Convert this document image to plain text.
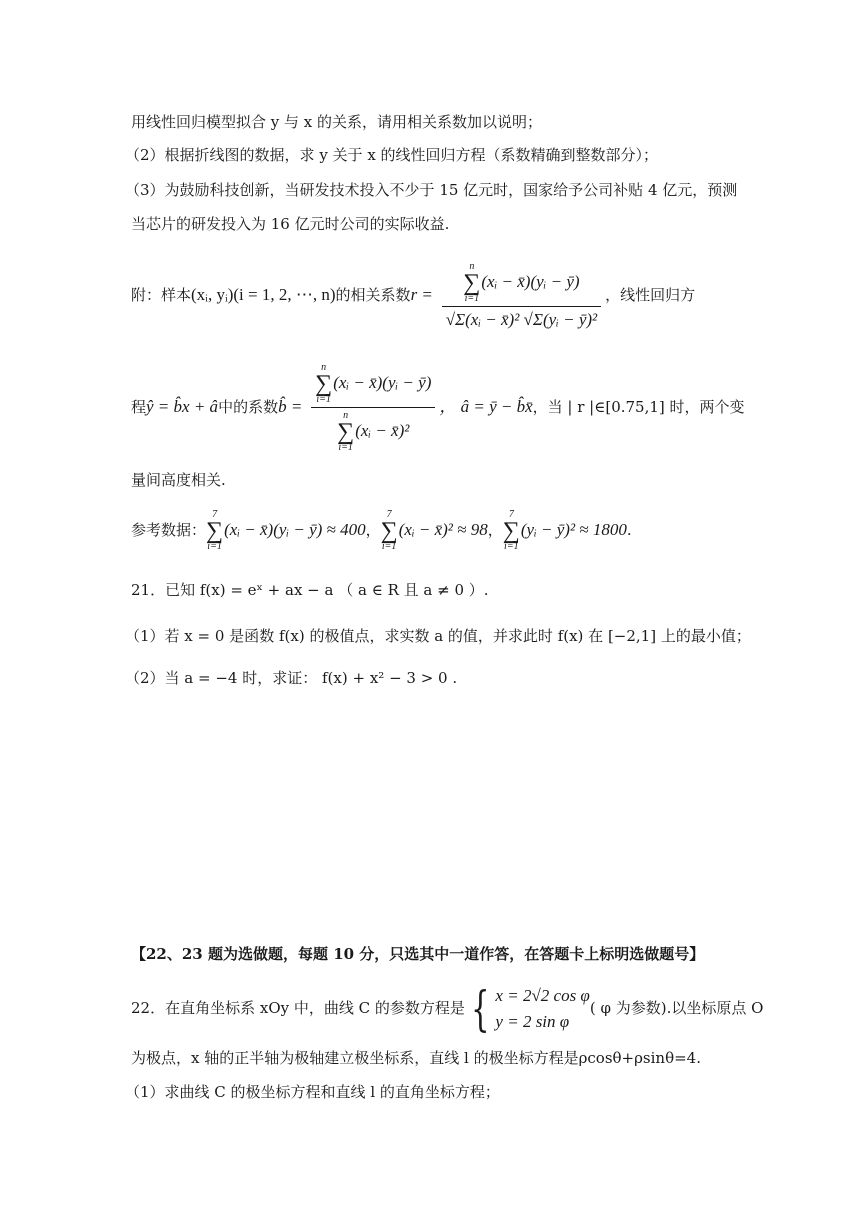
用线性回归模型拟合 y 与 x 的关系，请用相关系数加以说明；
（2）根据折线图的数据，求 y 关于 x 的线性回归方程（系数精确到整数部分）；
（3）为鼓励科技创新，当研发技术投入不少于 15 亿元时，国家给予公司补贴 4 亿元，预测
当芯片的研发投入为 16 亿元时公司的实际收益.
附：样本(xᵢ, yᵢ)(i = 1, 2, ⋯, n)的相关系数r = n
∑
i=1
(xᵢ − x̄)(yᵢ − ȳ)
√Σ(xᵢ − x̄)² √Σ(yᵢ − ȳ)² ，线性回归方
程ŷ = b̂x + â中的系数b̂ = n
∑
i=1
(xᵢ − x̄)(yᵢ − ȳ)
n
∑
i=1
(xᵢ − x̄)² ， â = ȳ − b̂x̄，当 | r |∈[0.75,1] 时，两个变
量间高度相关.
参考数据：
7
∑
i=1
(xᵢ − x̄)(yᵢ − ȳ) ≈ 400，
7
∑
i=1
(xᵢ − x̄)² ≈ 98，
7
∑
i=1
(yᵢ − ȳ)² ≈ 1800.
21．已知 f(x) = eˣ + ax − a （ a ∈ R 且 a ≠ 0 ）.
（1）若 x = 0 是函数 f(x) 的极值点，求实数 a 的值，并求此时 f(x) 在 [−2,1] 上的最小值；
（2）当 a = −4 时，求证： f(x) + x² − 3 > 0 .
【22、23 题为选做题，每题 10 分，只选其中一道作答，在答题卡上标明选做题号】
22．在直角坐标系 xOy 中，曲线 C 的参数方程是 { x = 2√2 cos φ
y = 2 sin φ
( φ 为参数).以坐标原点 O
为极点，x 轴的正半轴为极轴建立极坐标系，直线 l 的极坐标方程是ρcosθ+ρsinθ=4.
（1）求曲线 C 的极坐标方程和直线 l 的直角坐标方程；
